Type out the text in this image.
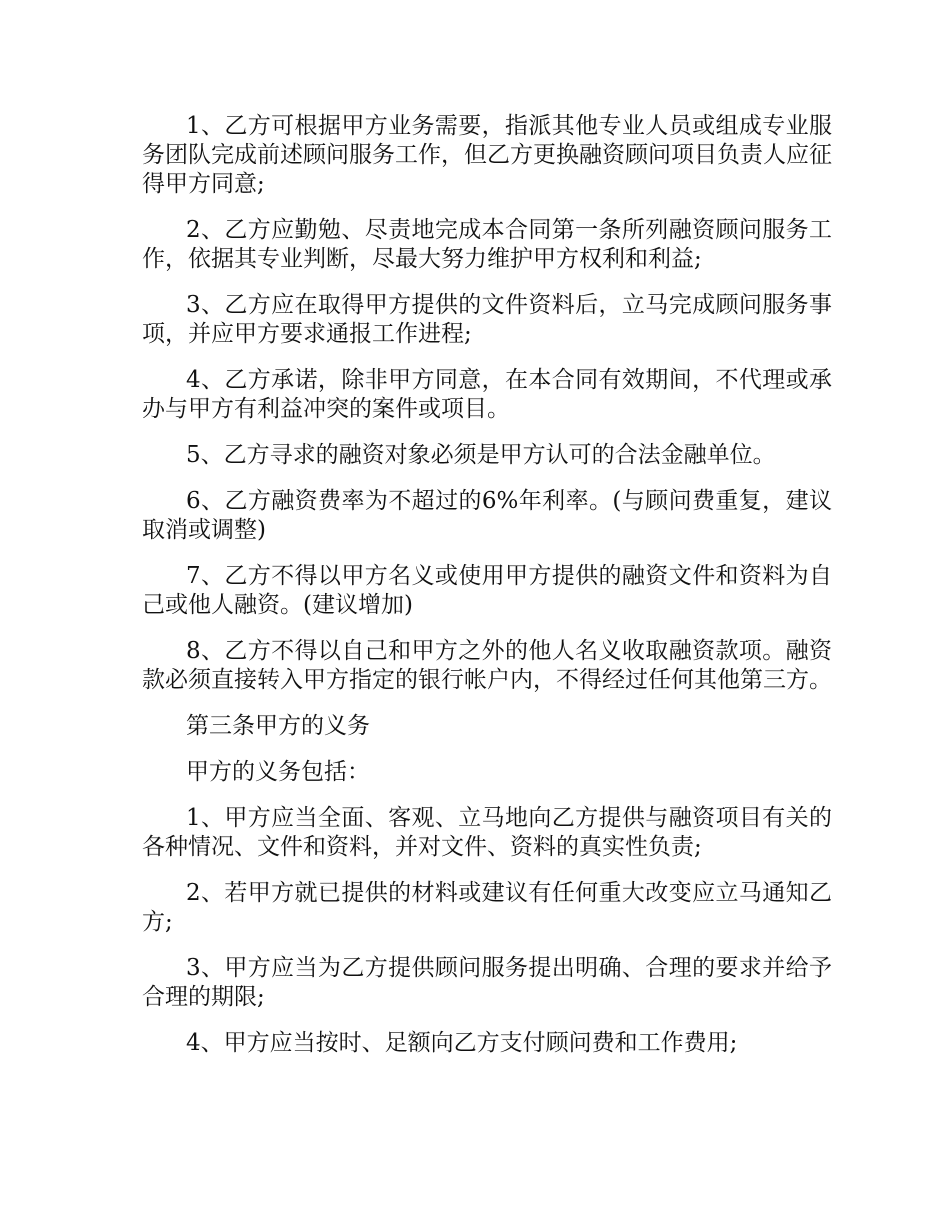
1、乙方可根据甲方业务需要，指派其他专业人员或组成专业服务团队完成前述顾问服务工作，但乙方更换融资顾问项目负责人应征得甲方同意;

2、乙方应勤勉、尽责地完成本合同第一条所列融资顾问服务工作，依据其专业判断，尽最大努力维护甲方权利和利益;

3、乙方应在取得甲方提供的文件资料后，立马完成顾问服务事项，并应甲方要求通报工作进程;

4、乙方承诺，除非甲方同意，在本合同有效期间，不代理或承办与甲方有利益冲突的案件或项目。

5、乙方寻求的融资对象必须是甲方认可的合法金融单位。

6、乙方融资费率为不超过的6%年利率。(与顾问费重复，建议取消或调整)

7、乙方不得以甲方名义或使用甲方提供的融资文件和资料为自己或他人融资。(建议增加)

8、乙方不得以自己和甲方之外的他人名义收取融资款项。融资款必须直接转入甲方指定的银行帐户内，不得经过任何其他第三方。

第三条甲方的义务

甲方的义务包括：

1、甲方应当全面、客观、立马地向乙方提供与融资项目有关的各种情况、文件和资料，并对文件、资料的真实性负责;

2、若甲方就已提供的材料或建议有任何重大改变应立马通知乙方;

3、甲方应当为乙方提供顾问服务提出明确、合理的要求并给予合理的期限;

4、甲方应当按时、足额向乙方支付顾问费和工作费用;
